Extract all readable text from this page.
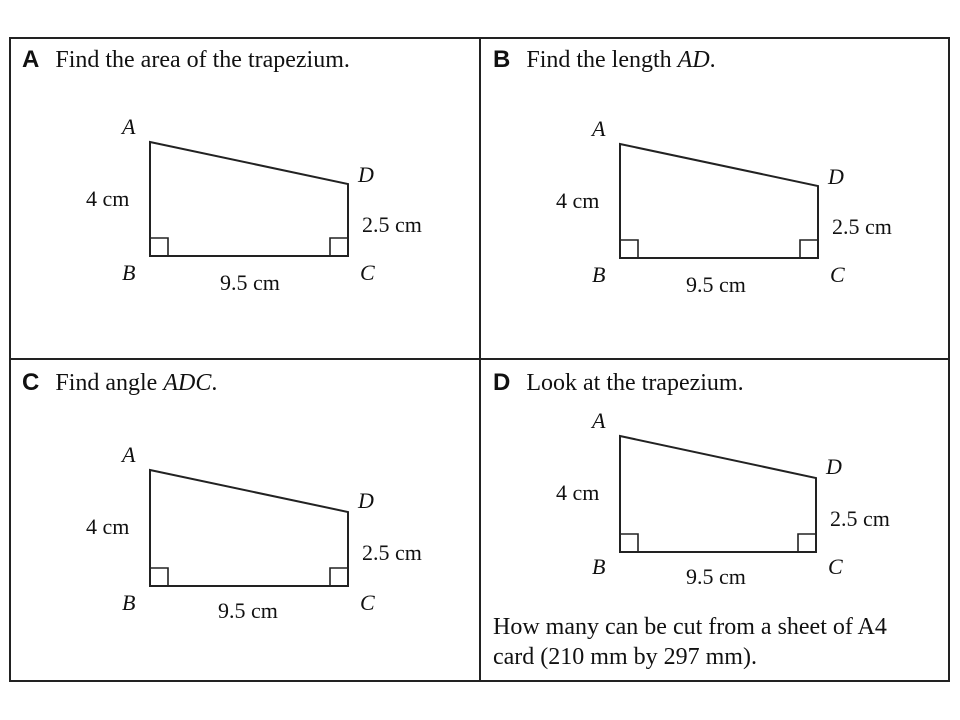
A Find the area of the trapezium.	B Find the length AD.
C Find angle ADC.	D Look at the trapezium.
How many can be cut from a sheet of A4 card (210 mm by 297 mm).
A
D
B	C
4 cm
2.5 cm
9.5 cm
A
D
B	C
4 cm
2.5 cm
9.5 cm
A
D
B	C
4 cm
2.5 cm
9.5 cm
A
D
B	C
4 cm
2.5 cm
9.5 cm
